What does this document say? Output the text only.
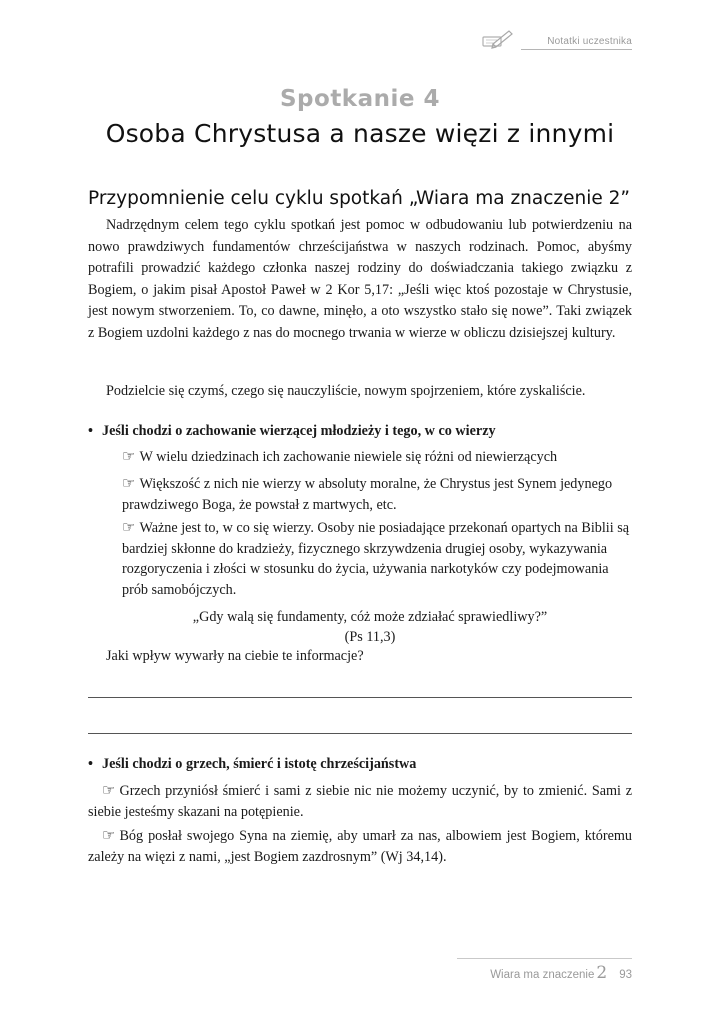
Notatki uczestnika
Spotkanie 4
Osoba Chrystusa a nasze więzi z innymi
Przypomnienie celu cyklu spotkań „Wiara ma znaczenie 2”

Nadrzędnym celem tego cyklu spotkań jest pomoc w odbudowaniu lub potwierdzeniu na nowo prawdziwych fundamentów chrześcijaństwa w naszych rodzinach. Pomoc, abyśmy potrafili prowadzić każdego członka naszej rodziny do doświadczania takiego związku z Bogiem, o jakim pisał Apostoł Paweł w 2 Kor 5,17: „Jeśli więc ktoś pozostaje w Chrystusie, jest nowym stworzeniem. To, co dawne, minęło, a oto wszystko stało się nowe”. Taki związek z Bogiem uzdolni każdego z nas do mocnego trwania w wierze w obliczu dzisiejszej kultury.

Podzielcie się czymś, czego się nauczyliście, nowym spojrzeniem, które zyskaliście.

• Jeśli chodzi o zachowanie wierzącej młodzieży i tego, w co wierzy

☞ W wielu dziedzinach ich zachowanie niewiele się różni od niewierzących

☞ Większość z nich nie wierzy w absoluty moralne, że Chrystus jest Synem jedynego prawdziwego Boga, że powstał z martwych, etc.

☞ Ważne jest to, w co się wierzy. Osoby nie posiadające przekonań opartych na Biblii są bardziej skłonne do kradzieży, fizycznego skrzywdzenia drugiej osoby, wykazywania rozgoryczenia i złości w stosunku do życia, używania narkotyków czy podejmowania prób samobójczych.

„Gdy walą się fundamenty, cóż może zdziałać sprawiedliwy?”

(Ps 11,3)

Jaki wpływ wywarły na ciebie te informacje?

• Jeśli chodzi o grzech, śmierć i istotę chrześcijaństwa

☞ Grzech przyniósł śmierć i sami z siebie nic nie możemy uczynić, by to zmienić. Sami z siebie jesteśmy skazani na potępienie.

☞ Bóg posłał swojego Syna na ziemię, aby umarł za nas, albowiem jest Bogiem, któremu zależy na więzi z nami, „jest Bogiem zazdrosnym” (Wj 34,14).

Wiara ma znaczenie 2 93
